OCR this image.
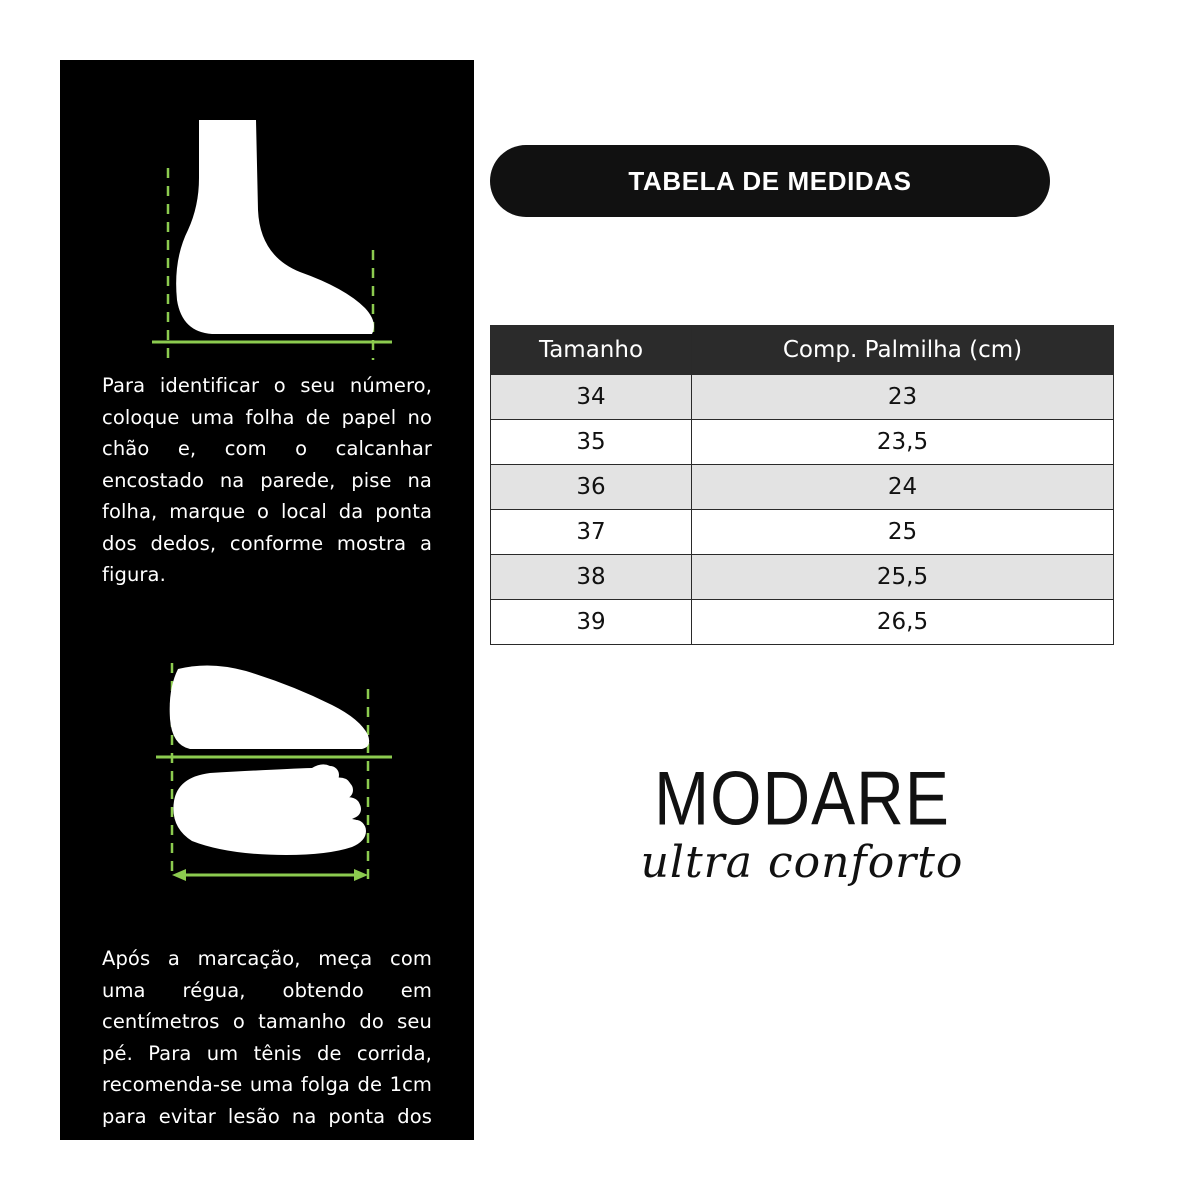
Para identificar o seu número, coloque uma folha de papel no chão e, com o calcanhar encostado na parede, pise na folha, marque o local da ponta dos dedos, conforme mostra a figura.
Após a marcação, meça com uma régua, obtendo em centímetros o tamanho do seu pé. Para um tênis de corrida, recomenda-se uma folga de 1cm para evitar lesão na ponta dos dedos.
TABELA DE MEDIDAS
Tamanho	Comp. Palmilha (cm)
34	23
35	23,5
36	24
37	25
38	25,5
39	26,5
MODARE
ultra conforto
